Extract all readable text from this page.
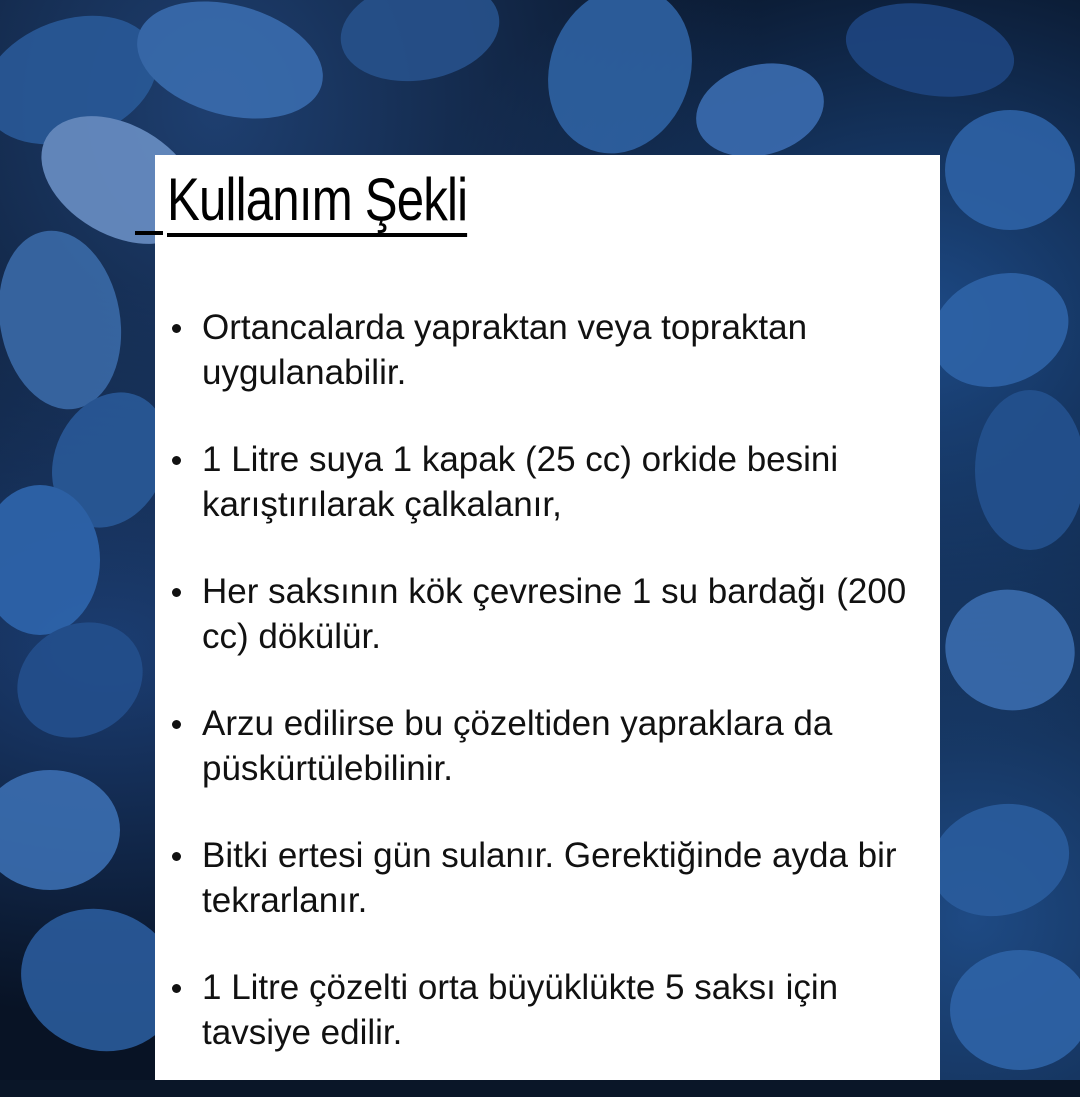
Kullanım Şekli
Ortancalarda yapraktan veya topraktan uygulanabilir.
1 Litre suya 1 kapak (25 cc) orkide besini karıştırılarak çalkalanır,
Her saksının kök çevresine 1 su bardağı (200 cc) dökülür.
Arzu edilirse bu çözeltiden yapraklara da püskürtülebilinir.
Bitki ertesi gün sulanır. Gerektiğinde ayda bir tekrarlanır.
1 Litre çözelti orta büyüklükte 5 saksı için tavsiye edilir.
